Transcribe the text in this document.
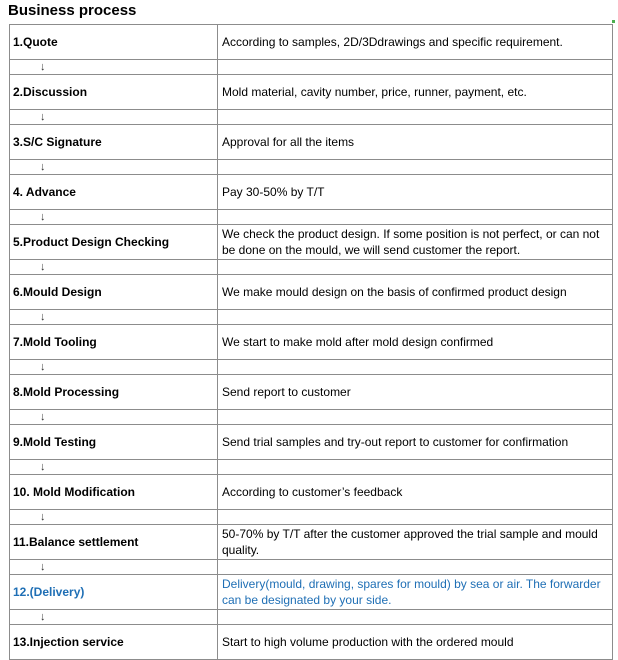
Business process
1.Quote	According to samples, 2D/3Ddrawings and specific requirement.
↓	
2.Discussion	Mold material, cavity number, price, runner, payment, etc.
↓	
3.S/C Signature	Approval for all the items
↓	
4. Advance	Pay 30-50% by T/T
↓	
5.Product Design Checking	We check the product design. If some position is not perfect, or can not be done on the mould, we will send customer the report.
↓	
6.Mould Design	We make mould design on the basis of confirmed product design
↓	
7.Mold Tooling	We start to make mold after mold design confirmed
↓	
8.Mold Processing	Send report to customer
↓	
9.Mold Testing	Send trial samples and try-out report to customer for confirmation
↓	
10. Mold Modification	According to customer’s feedback
↓	
11.Balance settlement	50-70% by T/T after the customer approved the trial sample and mould quality.
↓	
12.(Delivery)	Delivery(mould, drawing, spares for mould) by sea or air. The forwarder can be designated by your side.
↓	
13.Injection service	Start to high volume production with the ordered mould
